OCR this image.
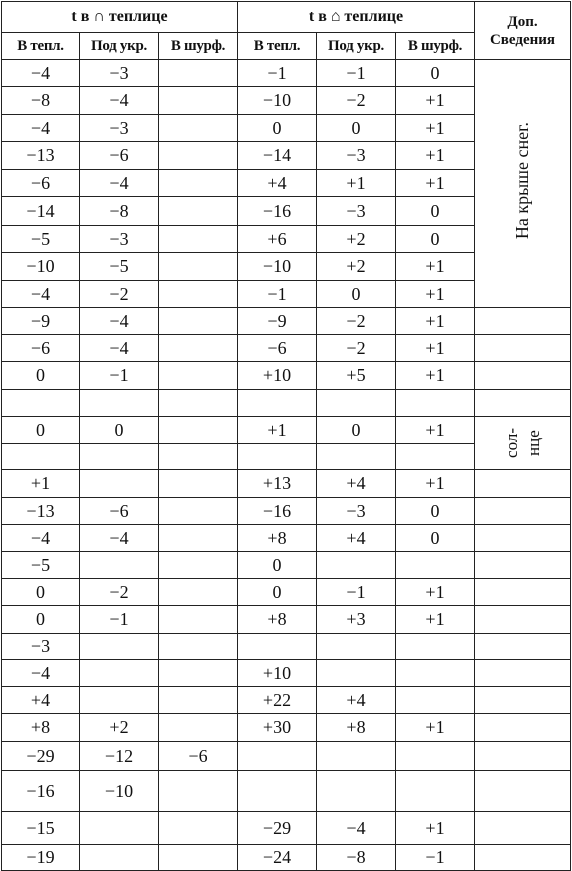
t в ∩ теплице			t в ⌂ теплице			Доп. Сведения
В тепл.	Под укр.	В шурф.	В тепл.	Под укр.	В шурф.	
−4	−3		−1	−1	0	На крыше снег.
−8	−4		−10	−2	+1	
−4	−3		0	0	+1	
−13	−6		−14	−3	+1	
−6	−4		+4	+1	+1	
−14	−8		−16	−3	0	
−5	−3		+6	+2	0	
−10	−5		−10	+2	+1	
−4	−2		−1	0	+1	
−9	−4		−9	−2	+1	
−6	−4		−6	−2	+1	
0	−1		+10	+5	+1	

0	0		+1	0	+1	сол- нце

+1			+13	+4	+1	
−13	−6		−16	−3	0	
−4	−4		+8	+4	0	
−5			0			
0	−2		0	−1	+1	
0	−1		+8	+3	+1	
−3						
−4			+10			
+4			+22	+4		
+8	+2		+30	+8	+1	
−29	−12	−6				
−16	−10					
−15			−29	−4	+1	
−19			−24	−8	−1	
